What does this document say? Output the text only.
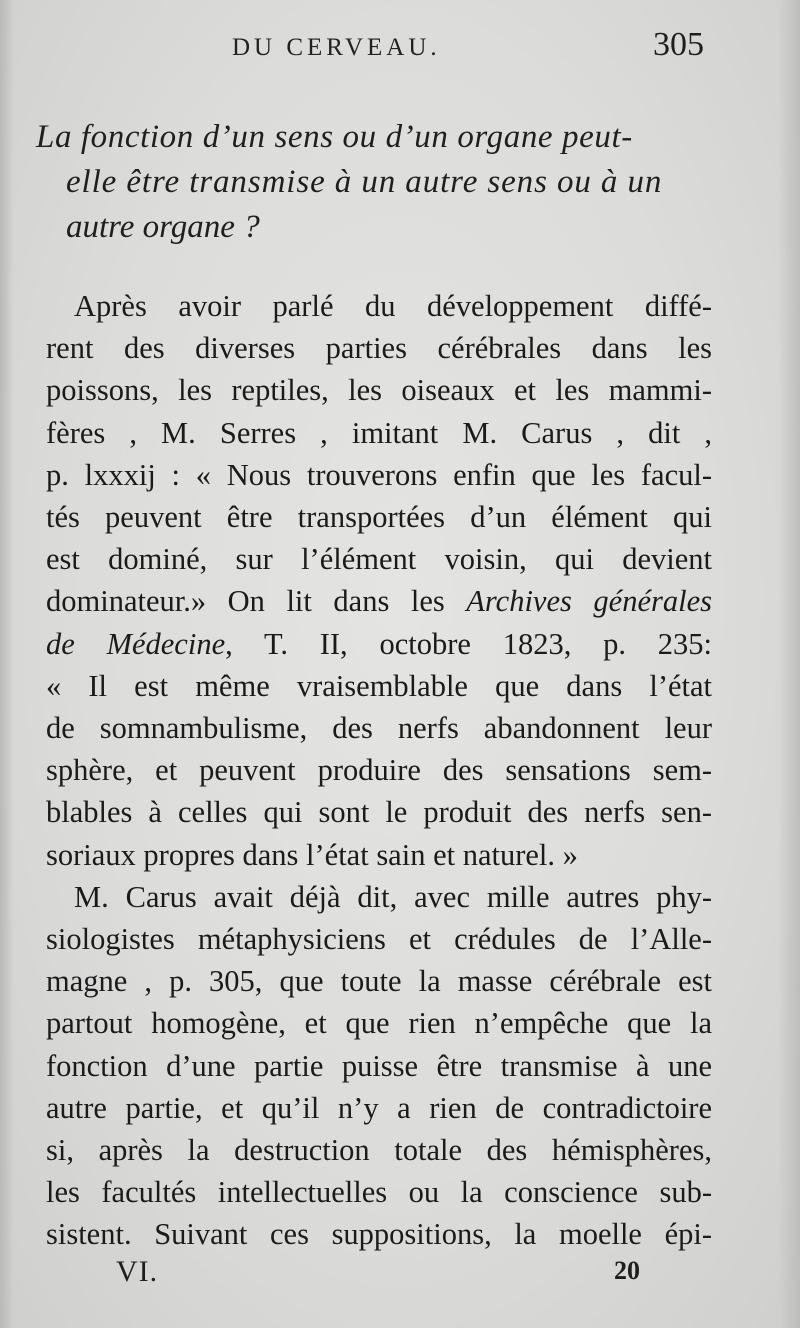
DU CERVEAU.	305
La fonction d’un sens ou d’un organe peut-
elle être transmise à un autre sens ou à un
autre organe ?
Après avoir parlé du développement diffé-
rent des diverses parties cérébrales dans les
poissons, les reptiles, les oiseaux et les mammi-
fères , M. Serres , imitant M. Carus , dit ,
p. lxxxij : « Nous trouverons enfin que les facul-
tés peuvent être transportées d’un élément qui
est dominé, sur l’élément voisin, qui devient
dominateur.» On lit dans les Archives générales
de Médecine, T. II, octobre 1823, p. 235:
« Il est même vraisemblable que dans l’état
de somnambulisme, des nerfs abandonnent leur
sphère, et peuvent produire des sensations sem-
blables à celles qui sont le produit des nerfs sen-
soriaux propres dans l’état sain et naturel. »
M. Carus avait déjà dit, avec mille autres phy-
siologistes métaphysiciens et crédules de l’Alle-
magne , p. 305, que toute la masse cérébrale est
partout homogène, et que rien n’empêche que la
fonction d’une partie puisse être transmise à une
autre partie, et qu’il n’y a rien de contradictoire
si, après la destruction totale des hémisphères,
les facultés intellectuelles ou la conscience sub-
sistent. Suivant ces suppositions, la moelle épi-
VI.	20
